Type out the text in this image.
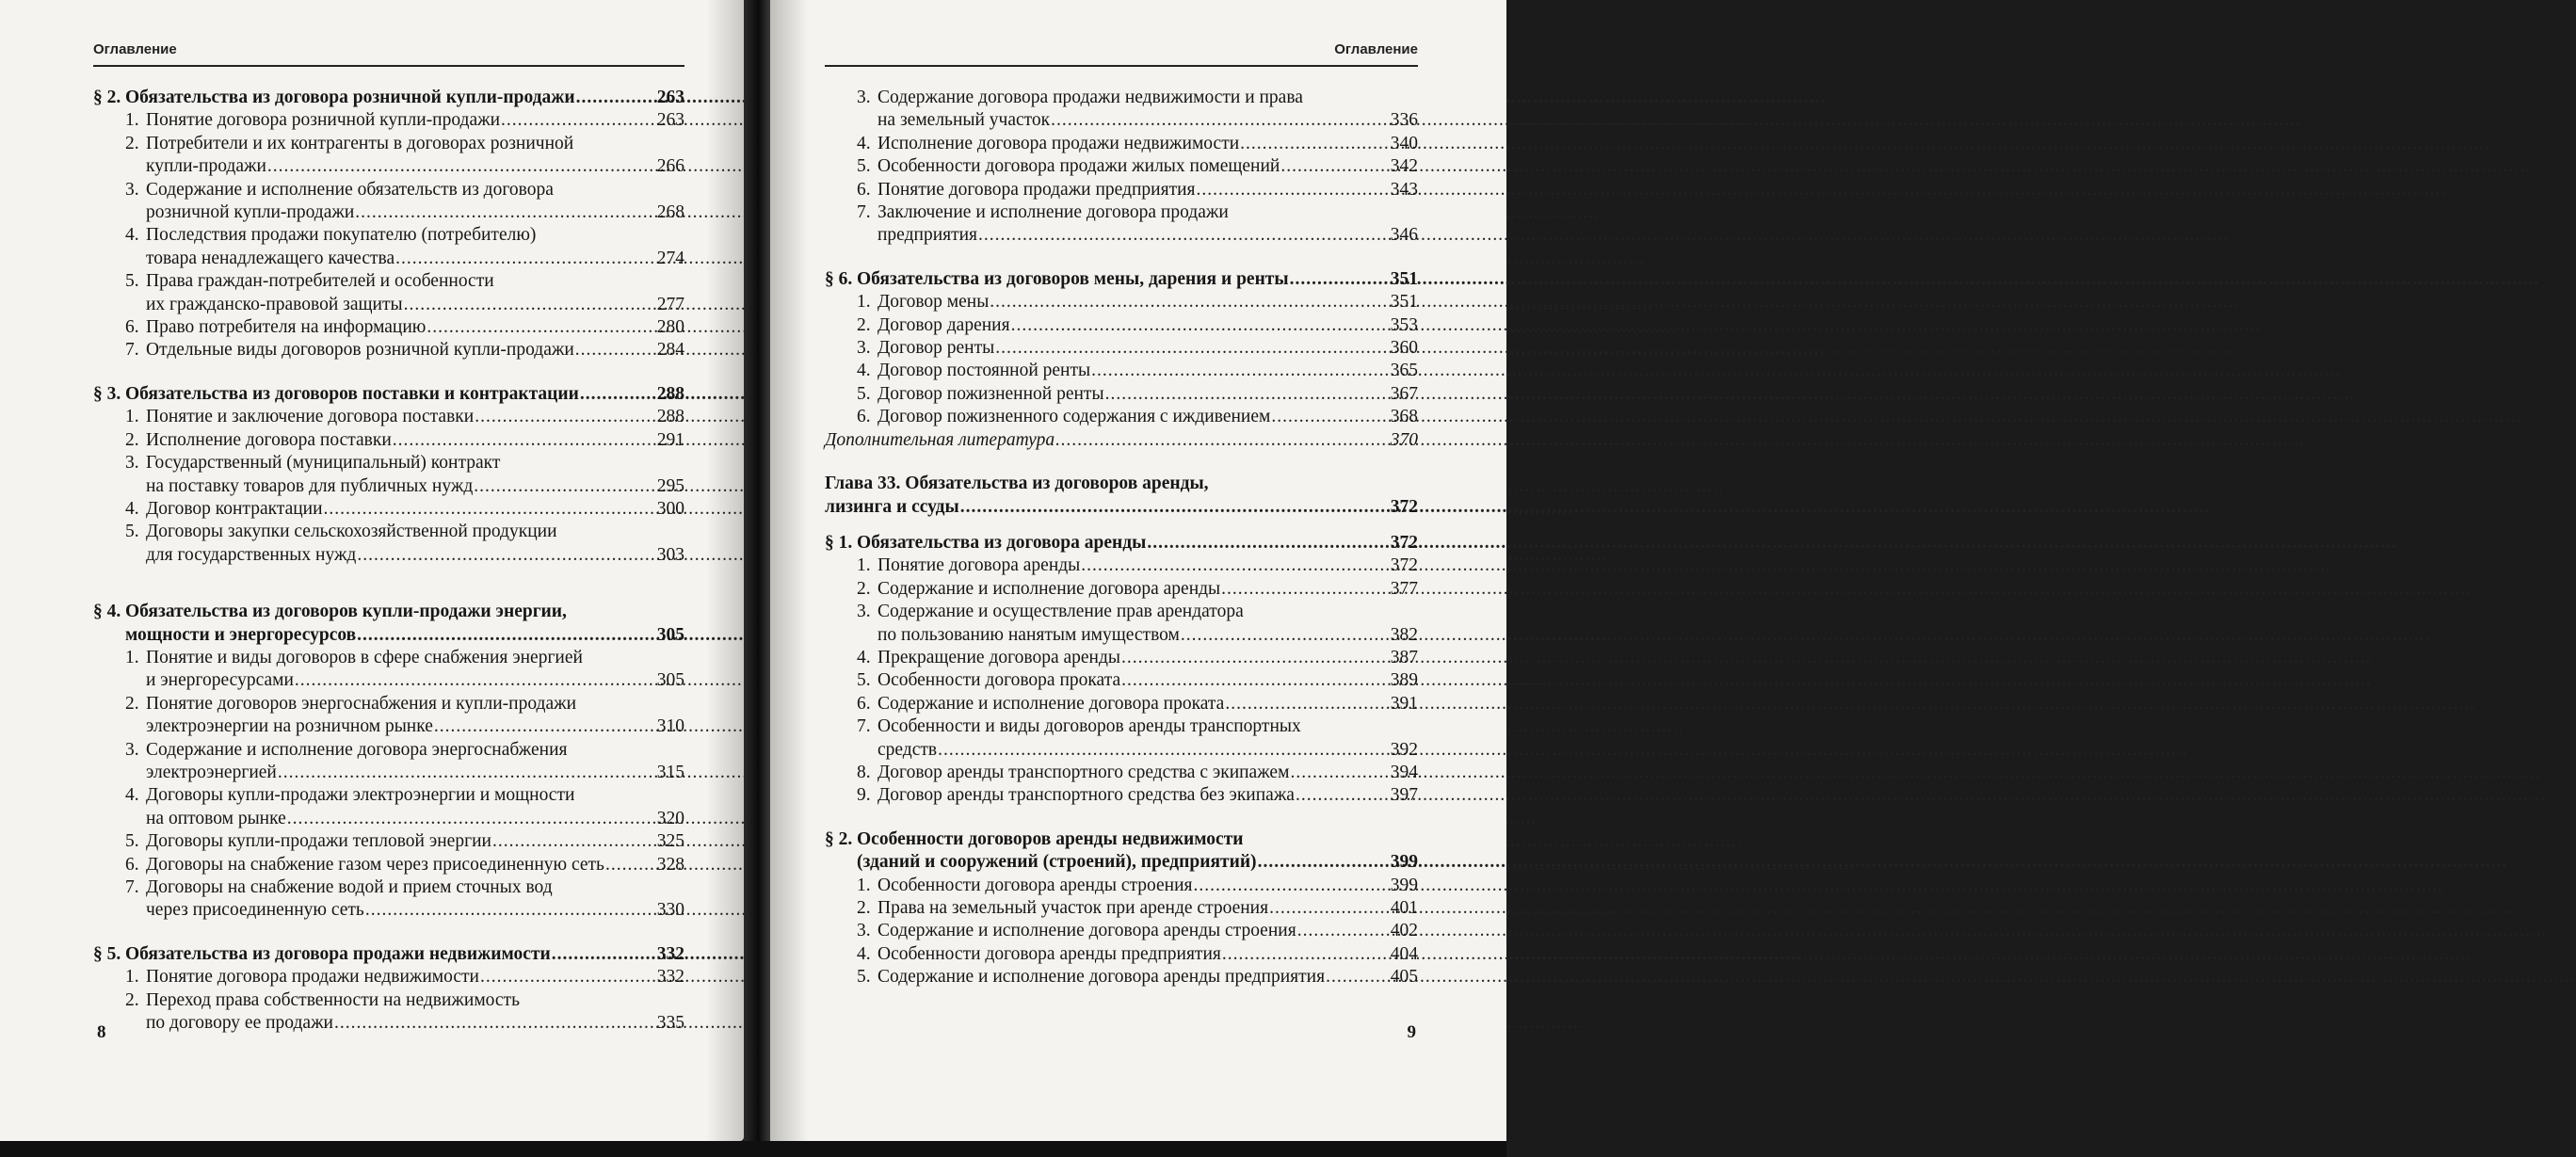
Оглавление
§ 2. Обязательства из договора розничной купли-продажи .....	263
1. Понятие договора розничной купли-продажи .....	263
2. Потребители и их контрагенты в договорах розничной
купли-продажи .....	266
3. Содержание и исполнение обязательств из договора
розничной купли-продажи .....	268
4. Последствия продажи покупателю (потребителю)
товара ненадлежащего качества .....	274
5. Права граждан-потребителей и особенности
их гражданско-правовой защиты .....	277
6. Право потребителя на информацию .....	280
7. Отдельные виды договоров розничной купли-продажи .....	284
§ 3. Обязательства из договоров поставки и контрактации .....	288
1. Понятие и заключение договора поставки .....	288
2. Исполнение договора поставки .....	291
3. Государственный (муниципальный) контракт
на поставку товаров для публичных нужд .....	295
4. Договор контрактации .....	300
5. Договоры закупки сельскохозяйственной продукции
для государственных нужд .....	303
§ 4. Обязательства из договоров купли-продажи энергии,
мощности и энергоресурсов .....	305
1. Понятие и виды договоров в сфере снабжения энергией
и энергоресурсами .....	305
2. Понятие договоров энергоснабжения и купли-продажи
электроэнергии на розничном рынке .....	310
3. Содержание и исполнение договора энергоснабжения
электроэнергией .....	315
4. Договоры купли-продажи электроэнергии и мощности
на оптовом рынке .....	320
5. Договоры купли-продажи тепловой энергии .....	325
6. Договоры на снабжение газом через присоединенную сеть .....	328
7. Договоры на снабжение водой и прием сточных вод
через присоединенную сеть .....	330
§ 5. Обязательства из договора продажи недвижимости .....	332
1. Понятие договора продажи недвижимости .....	332
2. Переход права собственности на недвижимость
по договору ее продажи .....	335
8
Оглавление
3. Содержание договора продажи недвижимости и права
на земельный участок .....	336
4. Исполнение договора продажи недвижимости .....	340
5. Особенности договора продажи жилых помещений .....	342
6. Понятие договора продажи предприятия .....	343
7. Заключение и исполнение договора продажи
предприятия .....	346
§ 6. Обязательства из договоров мены, дарения и ренты .....	351
1. Договор мены .....	351
2. Договор дарения .....	353
3. Договор ренты .....	360
4. Договор постоянной ренты .....	365
5. Договор пожизненной ренты .....	367
6. Договор пожизненного содержания с иждивением .....	368
Дополнительная литература .....	370
Глава 33. Обязательства из договоров аренды,
лизинга и ссуды .....	372
§ 1. Обязательства из договора аренды .....	372
1. Понятие договора аренды .....	372
2. Содержание и исполнение договора аренды .....	377
3. Содержание и осуществление прав арендатора
по пользованию нанятым имуществом .....	382
4. Прекращение договора аренды .....	387
5. Особенности договора проката .....	389
6. Содержание и исполнение договора проката .....	391
7. Особенности и виды договоров аренды транспортных
средств .....	392
8. Договор аренды транспортного средства с экипажем .....	394
9. Договор аренды транспортного средства без экипажа .....	397
§ 2. Особенности договоров аренды недвижимости
(зданий и сооружений (строений), предприятий) .....	399
1. Особенности договора аренды строения .....	399
2. Права на земельный участок при аренде строения .....	401
3. Содержание и исполнение договора аренды строения .....	402
4. Особенности договора аренды предприятия .....	404
5. Содержание и исполнение договора аренды предприятия .....	405
9
